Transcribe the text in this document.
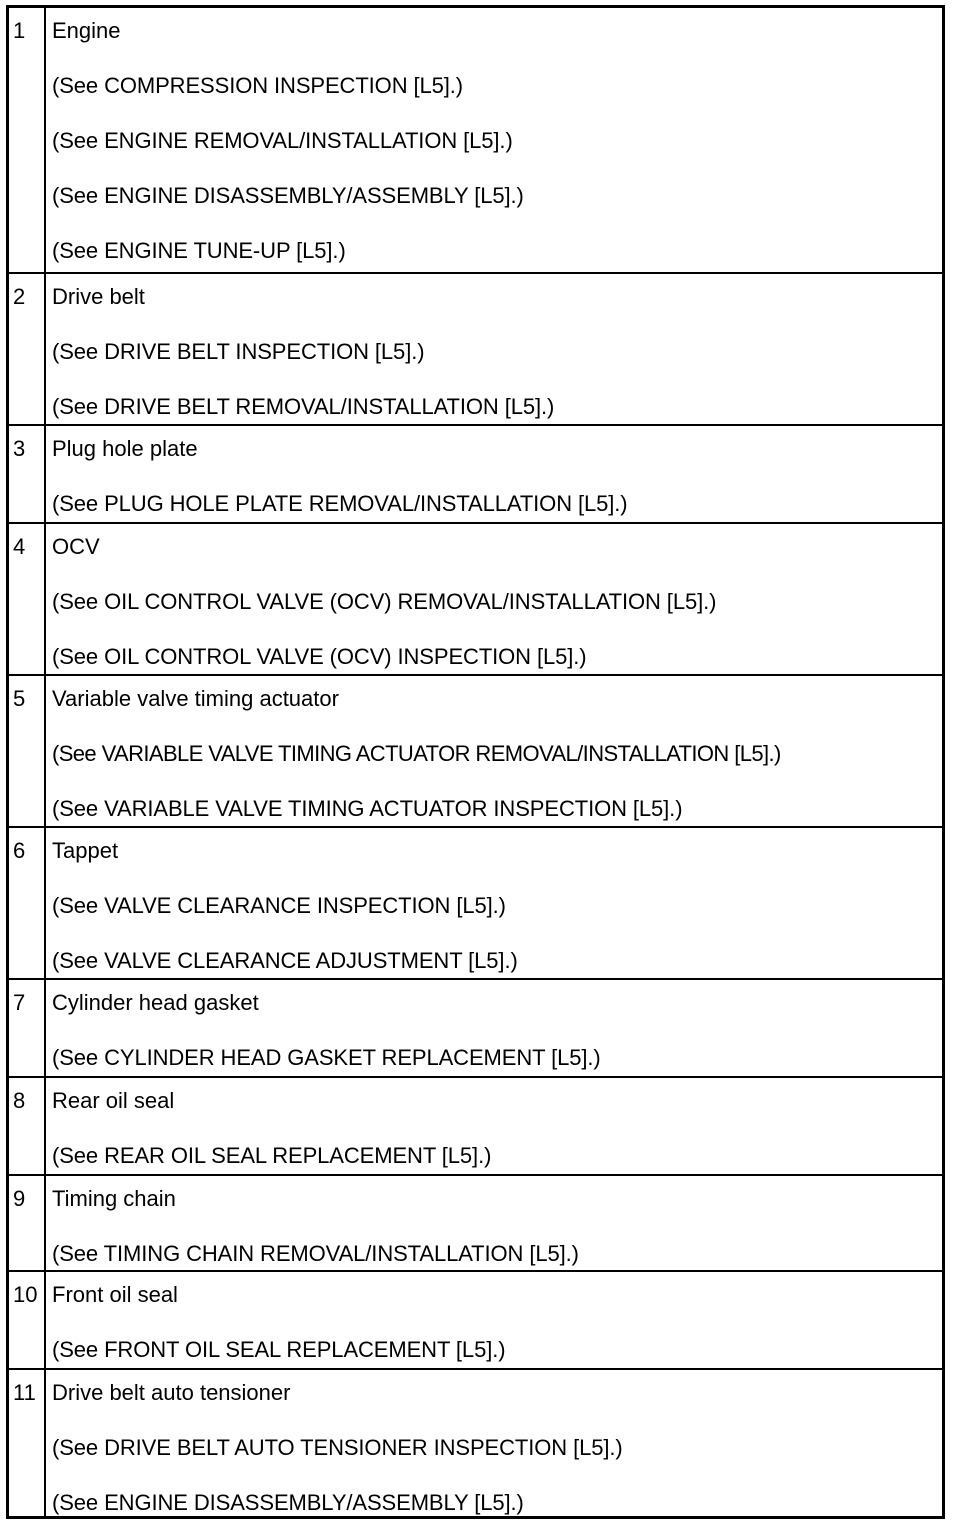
1	Engine
(See COMPRESSION INSPECTION [L5].)
(See ENGINE REMOVAL/INSTALLATION [L5].)
(See ENGINE DISASSEMBLY/ASSEMBLY [L5].)
(See ENGINE TUNE-UP [L5].)
2	Drive belt
(See DRIVE BELT INSPECTION [L5].)
(See DRIVE BELT REMOVAL/INSTALLATION [L5].)
3	Plug hole plate
(See PLUG HOLE PLATE REMOVAL/INSTALLATION [L5].)
4	OCV
(See OIL CONTROL VALVE (OCV) REMOVAL/INSTALLATION [L5].)
(See OIL CONTROL VALVE (OCV) INSPECTION [L5].)
5	Variable valve timing actuator
(See VARIABLE VALVE TIMING ACTUATOR REMOVAL/INSTALLATION [L5].)
(See VARIABLE VALVE TIMING ACTUATOR INSPECTION [L5].)
6	Tappet
(See VALVE CLEARANCE INSPECTION [L5].)
(See VALVE CLEARANCE ADJUSTMENT [L5].)
7	Cylinder head gasket
(See CYLINDER HEAD GASKET REPLACEMENT [L5].)
8	Rear oil seal
(See REAR OIL SEAL REPLACEMENT [L5].)
9	Timing chain
(See TIMING CHAIN REMOVAL/INSTALLATION [L5].)
10 Front oil seal
(See FRONT OIL SEAL REPLACEMENT [L5].)
11 Drive belt auto tensioner
(See DRIVE BELT AUTO TENSIONER INSPECTION [L5].)
(See ENGINE DISASSEMBLY/ASSEMBLY [L5].)
